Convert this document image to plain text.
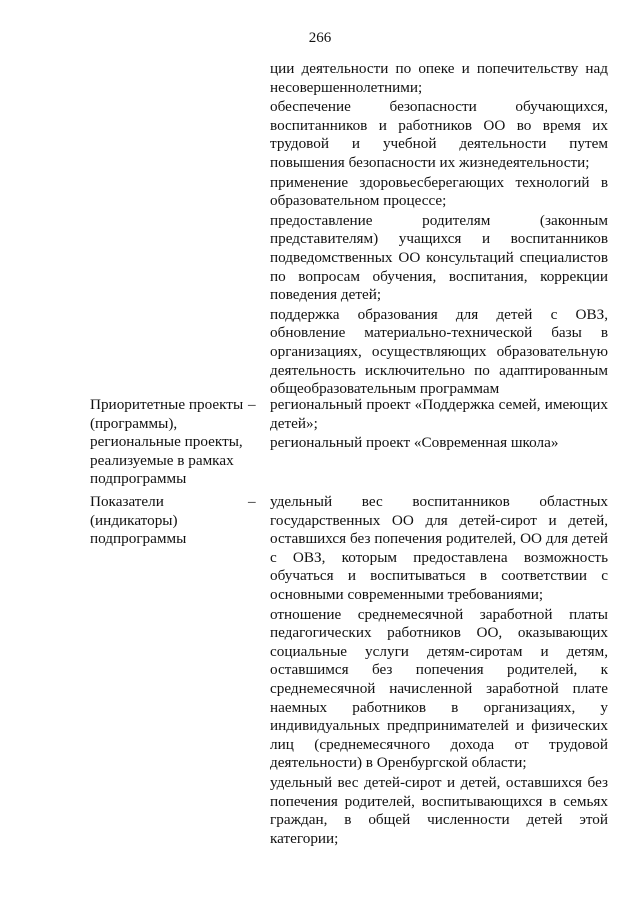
266

ции деятельности по опеке и попечительству над несовершеннолетними;

обеспечение безопасности обучающихся, воспитанников и работников ОО во время их трудовой и учебной деятельности путем повышения безопасности их жизнедеятельности;

применение здоровьесберегающих технологий в образовательном процессе;

предоставление родителям (законным представителям) учащихся и воспитанников подведомственных ОО консультаций специалистов по вопросам обучения, воспитания, коррекции поведения детей;

поддержка образования для детей с ОВЗ, обновление материально-технической базы в организациях, осуществляющих образовательную деятельность исключительно по адаптированным общеобразовательным программам

Приоритетные проекты (программы), региональные проекты, реализуемые в рамках подпрограммы
– региональный проект «Поддержка семей, имеющих детей»;

региональный проект «Современная школа»

Показатели (индикаторы) подпрограммы
– удельный вес воспитанников областных государственных ОО для детей-сирот и детей, оставшихся без попечения родителей, ОО для детей с ОВЗ, которым предоставлена возможность обучаться и воспитываться в соответствии с основными современными требованиями;

отношение среднемесячной заработной платы педагогических работников ОО, оказывающих социальные услуги детям-сиротам и детям, оставшимся без попечения родителей, к среднемесячной начисленной заработной плате наемных работников в организациях, у индивидуальных предпринимателей и физических лиц (среднемесячного дохода от трудовой деятельности) в Оренбургской области;

удельный вес детей-сирот и детей, оставшихся без попечения родителей, воспитывающихся в семьях граждан, в общей численности детей этой категории;
